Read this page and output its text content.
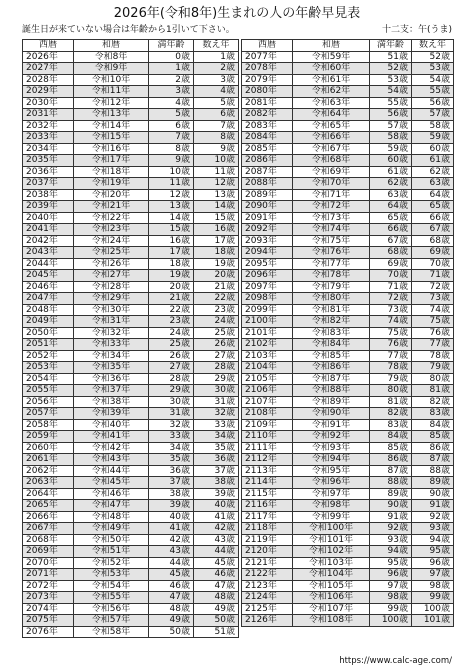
2026年(令和8年)生まれの人の年齢早見表
誕生日が来ていない場合は年齢から1引いて下さい。	十二支：午(うま)
西暦	和暦	満年齢	数え年
2026年	令和8年	0歳	1歳
2027年	令和9年	1歳	2歳
2028年	令和10年	2歳	3歳
2029年	令和11年	3歳	4歳
2030年	令和12年	4歳	5歳
2031年	令和13年	5歳	6歳
2032年	令和14年	6歳	7歳
2033年	令和15年	7歳	8歳
2034年	令和16年	8歳	9歳
2035年	令和17年	9歳	10歳
2036年	令和18年	10歳	11歳
2037年	令和19年	11歳	12歳
2038年	令和20年	12歳	13歳
2039年	令和21年	13歳	14歳
2040年	令和22年	14歳	15歳
2041年	令和23年	15歳	16歳
2042年	令和24年	16歳	17歳
2043年	令和25年	17歳	18歳
2044年	令和26年	18歳	19歳
2045年	令和27年	19歳	20歳
2046年	令和28年	20歳	21歳
2047年	令和29年	21歳	22歳
2048年	令和30年	22歳	23歳
2049年	令和31年	23歳	24歳
2050年	令和32年	24歳	25歳
2051年	令和33年	25歳	26歳
2052年	令和34年	26歳	27歳
2053年	令和35年	27歳	28歳
2054年	令和36年	28歳	29歳
2055年	令和37年	29歳	30歳
2056年	令和38年	30歳	31歳
2057年	令和39年	31歳	32歳
2058年	令和40年	32歳	33歳
2059年	令和41年	33歳	34歳
2060年	令和42年	34歳	35歳
2061年	令和43年	35歳	36歳
2062年	令和44年	36歳	37歳
2063年	令和45年	37歳	38歳
2064年	令和46年	38歳	39歳
2065年	令和47年	39歳	40歳
2066年	令和48年	40歳	41歳
2067年	令和49年	41歳	42歳
2068年	令和50年	42歳	43歳
2069年	令和51年	43歳	44歳
2070年	令和52年	44歳	45歳
2071年	令和53年	45歳	46歳
2072年	令和54年	46歳	47歳
2073年	令和55年	47歳	48歳
2074年	令和56年	48歳	49歳
2075年	令和57年	49歳	50歳
2076年	令和58年	50歳	51歳
西暦	和暦	満年齢	数え年
2077年	令和59年	51歳	52歳
2078年	令和60年	52歳	53歳
2079年	令和61年	53歳	54歳
2080年	令和62年	54歳	55歳
2081年	令和63年	55歳	56歳
2082年	令和64年	56歳	57歳
2083年	令和65年	57歳	58歳
2084年	令和66年	58歳	59歳
2085年	令和67年	59歳	60歳
2086年	令和68年	60歳	61歳
2087年	令和69年	61歳	62歳
2088年	令和70年	62歳	63歳
2089年	令和71年	63歳	64歳
2090年	令和72年	64歳	65歳
2091年	令和73年	65歳	66歳
2092年	令和74年	66歳	67歳
2093年	令和75年	67歳	68歳
2094年	令和76年	68歳	69歳
2095年	令和77年	69歳	70歳
2096年	令和78年	70歳	71歳
2097年	令和79年	71歳	72歳
2098年	令和80年	72歳	73歳
2099年	令和81年	73歳	74歳
2100年	令和82年	74歳	75歳
2101年	令和83年	75歳	76歳
2102年	令和84年	76歳	77歳
2103年	令和85年	77歳	78歳
2104年	令和86年	78歳	79歳
2105年	令和87年	79歳	80歳
2106年	令和88年	80歳	81歳
2107年	令和89年	81歳	82歳
2108年	令和90年	82歳	83歳
2109年	令和91年	83歳	84歳
2110年	令和92年	84歳	85歳
2111年	令和93年	85歳	86歳
2112年	令和94年	86歳	87歳
2113年	令和95年	87歳	88歳
2114年	令和96年	88歳	89歳
2115年	令和97年	89歳	90歳
2116年	令和98年	90歳	91歳
2117年	令和99年	91歳	92歳
2118年	令和100年	92歳	93歳
2119年	令和101年	93歳	94歳
2120年	令和102年	94歳	95歳
2121年	令和103年	95歳	96歳
2122年	令和104年	96歳	97歳
2123年	令和105年	97歳	98歳
2124年	令和106年	98歳	99歳
2125年	令和107年	99歳	100歳
2126年	令和108年	100歳	101歳
https://www.calc-age.com/
